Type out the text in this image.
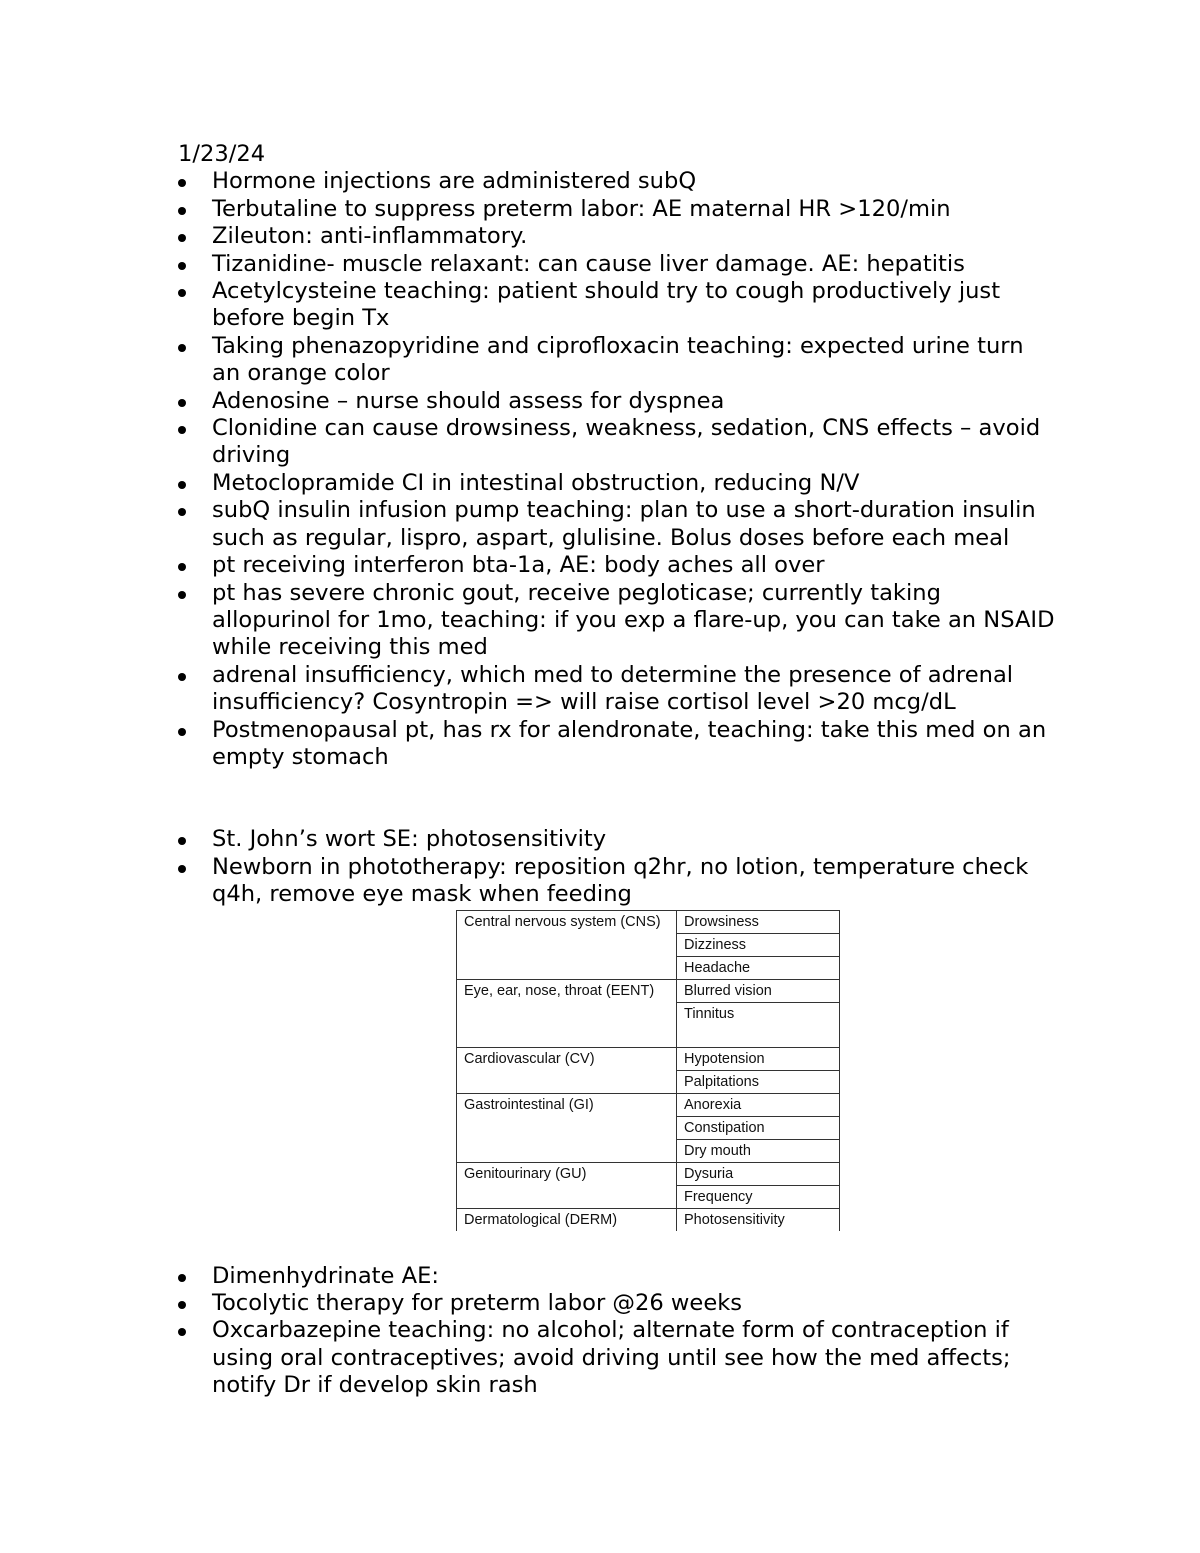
1/23/24

Hormone injections are administered subQ
Terbutaline to suppress preterm labor: AE maternal HR >120/min
Zileuton: anti-inflammatory.
Tizanidine- muscle relaxant: can cause liver damage. AE: hepatitis
Acetylcysteine teaching: patient should try to cough productively just before begin Tx
Taking phenazopyridine and ciprofloxacin teaching: expected urine turn an orange color
Adenosine – nurse should assess for dyspnea
Clonidine can cause drowsiness, weakness, sedation, CNS effects – avoid driving
Metoclopramide CI in intestinal obstruction, reducing N/V
subQ insulin infusion pump teaching: plan to use a short-duration insulin such as regular, lispro, aspart, glulisine. Bolus doses before each meal
pt receiving interferon bta-1a, AE: body aches all over
pt has severe chronic gout, receive pegloticase; currently taking allopurinol for 1mo, teaching: if you exp a flare-up, you can take an NSAID while receiving this med
adrenal insufficiency, which med to determine the presence of adrenal insufficiency? Cosyntropin => will raise cortisol level >20 mcg/dL
Postmenopausal pt, has rx for alendronate, teaching: take this med on an empty stomach
St. John’s wort SE: photosensitivity
Newborn in phototherapy: reposition q2hr, no lotion, temperature check q4h, remove eye mask when feeding
Central nervous system (CNS)	Drowsiness
	Dizziness
	Headache
Eye, ear, nose, throat (EENT)	Blurred vision
	Tinnitus
Cardiovascular (CV)	Hypotension
	Palpitations
Gastrointestinal (GI)	Anorexia
	Constipation
	Dry mouth
Genitourinary (GU)	Dysuria
	Frequency
Dermatological (DERM)	Photosensitivity
Dimenhydrinate AE:
Tocolytic therapy for preterm labor @26 weeks
Oxcarbazepine teaching: no alcohol; alternate form of contraception if using oral contraceptives; avoid driving until see how the med affects; notify Dr if develop skin rash
